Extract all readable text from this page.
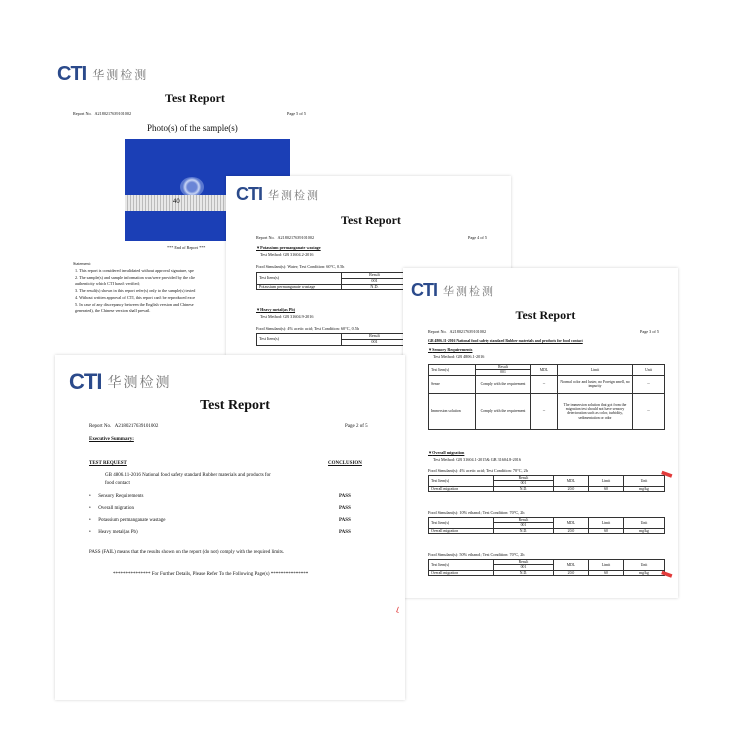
CTI 华测检测
Test Report
Report No. A2180217639101002	Page 5 of 5
Photo(s) of the sample(s)
40
*** End of Report ***
Statement:
1. This report is considered invalidated without approval signature, spe
2. The sample(s) and sample information was/were provided by the clie
authenticity which CTI hasn't verified;
3. The result(s) shown in this report refer(s) only to the sample(s) tested
4. Without written approval of CTI, this report can't be reproduced exce
5. In case of any discrepancy between the English version and Chinese
generated), the Chinese version shall prevail.
CTI 华测检测
Test Report
Report No. A2180217639101002	Page 4 of 5
▼Potassium permanganate wastage
Test Method: GB 31604.2-2016
Food Simulant(s): Water; Test Condition: 60°C, 0.5h
Test Item(s)	Result
	001
Potassium permanganate wastage	N.D.
▼Heavy metal(as Pb)
Test Method: GB 31604.9-2016
Food Simulant(s): 4% acetic acid; Test Condition: 60°C, 0.5h
Test Item(s)	Result
001
CTI 华测检测
Test Report
Report No. A2180217639101002	Page 3 of 5
GB 4806.11-2016 National food safety standard Rubber materials and products for food contact
▼Sensory Requirements
Test Method: GB 4806.1-2016
Test Item(s)	Result	MDL	Limit	Unit
	001			
Sense	Comply with the requirement	--	Normal color and luster, no Foreign smell, no impurity	--
Immersion solution	Comply with the requirement	--	The immersion solution that got from the migration test should not have sensory deterioration such as color, turbidity, sedimentation or odor	--
▼Overall migration
Test Method: GB 31604.1-2015& GB 31604.8-2016
Food Simulant(s): 4% acetic acid; Test Condition: 70°C, 2h
Test Item(s)	Result	MDL	Limit	Unit
	001			
Overall migration	N.D.	20.0	60	mg/kg
Food Simulant(s): 10% ethanol; Test Condition: 70°C, 2h
Test Item(s)	Result	MDL	Limit	Unit
	001			
Overall migration	N.D.	20.0	60	mg/kg
Food Simulant(s): 50% ethanol; Test Condition: 70°C, 2h
Test Item(s)	Result	MDL	Limit	Unit
	001			
Overall migration	N.D.	20.0	60	mg/kg
▌
▌
CTI 华测检测
Test Report
Report No. A2180217639101002	Page 2 of 5
Executive Summary:
TEST REQUEST	CONCLUSION
GB 4806.11-2016 National food safety standard Rubber materials and products for
food contact
•      Sensory Requirements	PASS
•      Overall migration	PASS
•      Potassium permanganate wastage	PASS
•      Heavy metal(as Pb)	PASS
PASS (FAIL) means that the results shown on the report (do not) comply with the required limits.
*************** For Further Details, Please Refer To the Following Page(s) ***************
⌐
